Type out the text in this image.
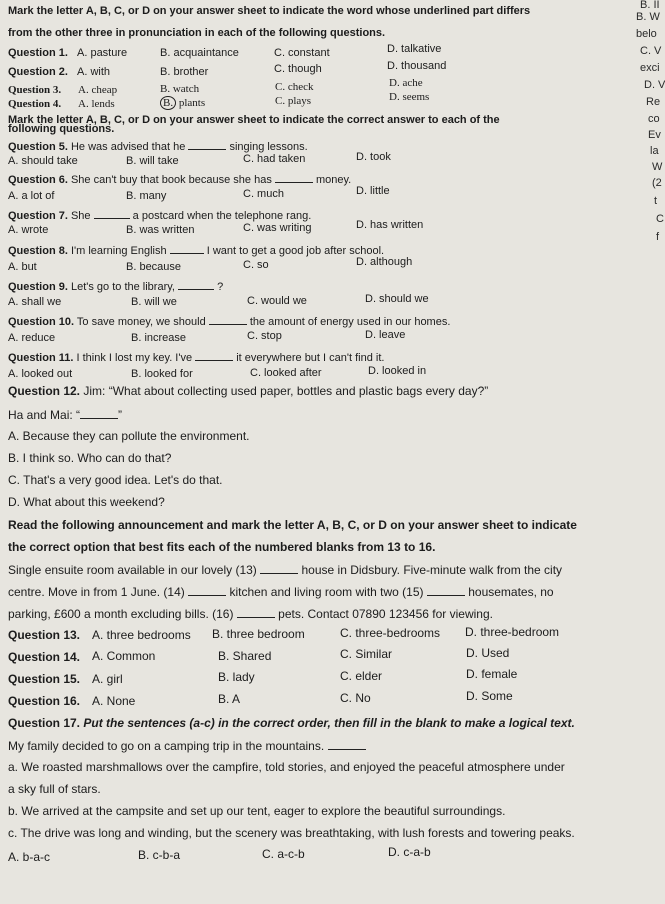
Mark the letter A, B, C, or D on your answer sheet to indicate the word whose underlined part differs
from the other three in pronunciation in each of the following questions.
Question 1. A. pasture	B. acquaintance	C. constant	D. talkative
Question 2. A. with	B. brother	C. though	D. thousand
Question 3. A. cheap	B. watch	C. check	D. ache
Question 4. A. lends	B. plants	C. plays	D. seems
Mark the letter A, B, C, or D on your answer sheet to indicate the correct answer to each of the
following questions.
Question 5. He was advised that he	singing lessons.
A. should take	B. will take	C. had taken	D. took
Question 6. She can't buy that book because she has	money.
A. a lot of	B. many	C. much	D. little
Question 7. She	a postcard when the telephone rang.
A. wrote	B. was written	C. was writing	D. has written
Question 8. I'm learning English	I want to get a good job after school.
A. but	B. because	C. so	D. although
Question 9. Let's go to the library,	?
A. shall we	B. will we	C. would we	D. should we
Question 10. To save money, we should	the amount of energy used in our homes.
A. reduce	B. increase	C. stop	D. leave
Question 11. I think I lost my key. I've	it everywhere but I can't find it.
A. looked out	B. looked for	C. looked after	D. looked in
Question 12. Jim: “What about collecting used paper, bottles and plastic bags every day?”
Ha and Mai: “	”
A. Because they can pollute the environment.
B. I think so. Who can do that?
C. That's a very good idea. Let's do that.
D. What about this weekend?
Read the following announcement and mark the letter A, B, C, or D on your answer sheet to indicate
the correct option that best fits each of the numbered blanks from 13 to 16.
Single ensuite room available in our lovely (13)	house in Didsbury. Five-minute walk from the city
centre. Move in from 1 June. (14)	kitchen and living room with two (15)	housemates, no
parking, £600 a month excluding bills. (16)	pets. Contact 07890 123456 for viewing.
Question 13. A. three bedrooms B. three bedroom	C. three-bedrooms D. three-bedroom
Question 14. A. Common	B. Shared	C. Similar	D. Used
Question 15. A. girl	B. lady	C. elder	D. female
Question 16. A. None	B. A	C. No	D. Some
Question 17. Put the sentences (a-c) in the correct order, then fill in the blank to make a logical text.
My family decided to go on a camping trip in the mountains.
a. We roasted marshmallows over the campfire, told stories, and enjoyed the peaceful atmosphere under
a sky full of stars.
b. We arrived at the campsite and set up our tent, eager to explore the beautiful surroundings.
c. The drive was long and winding, but the scenery was breathtaking, with lush forests and towering peaks.
A. b-a-c	B. c-b-a	C. a-c-b	D. c-a-b
B. II
B. W
belo
C. V
exci
D. V
Re
co
Ev
la
W
(2
t
C
f
